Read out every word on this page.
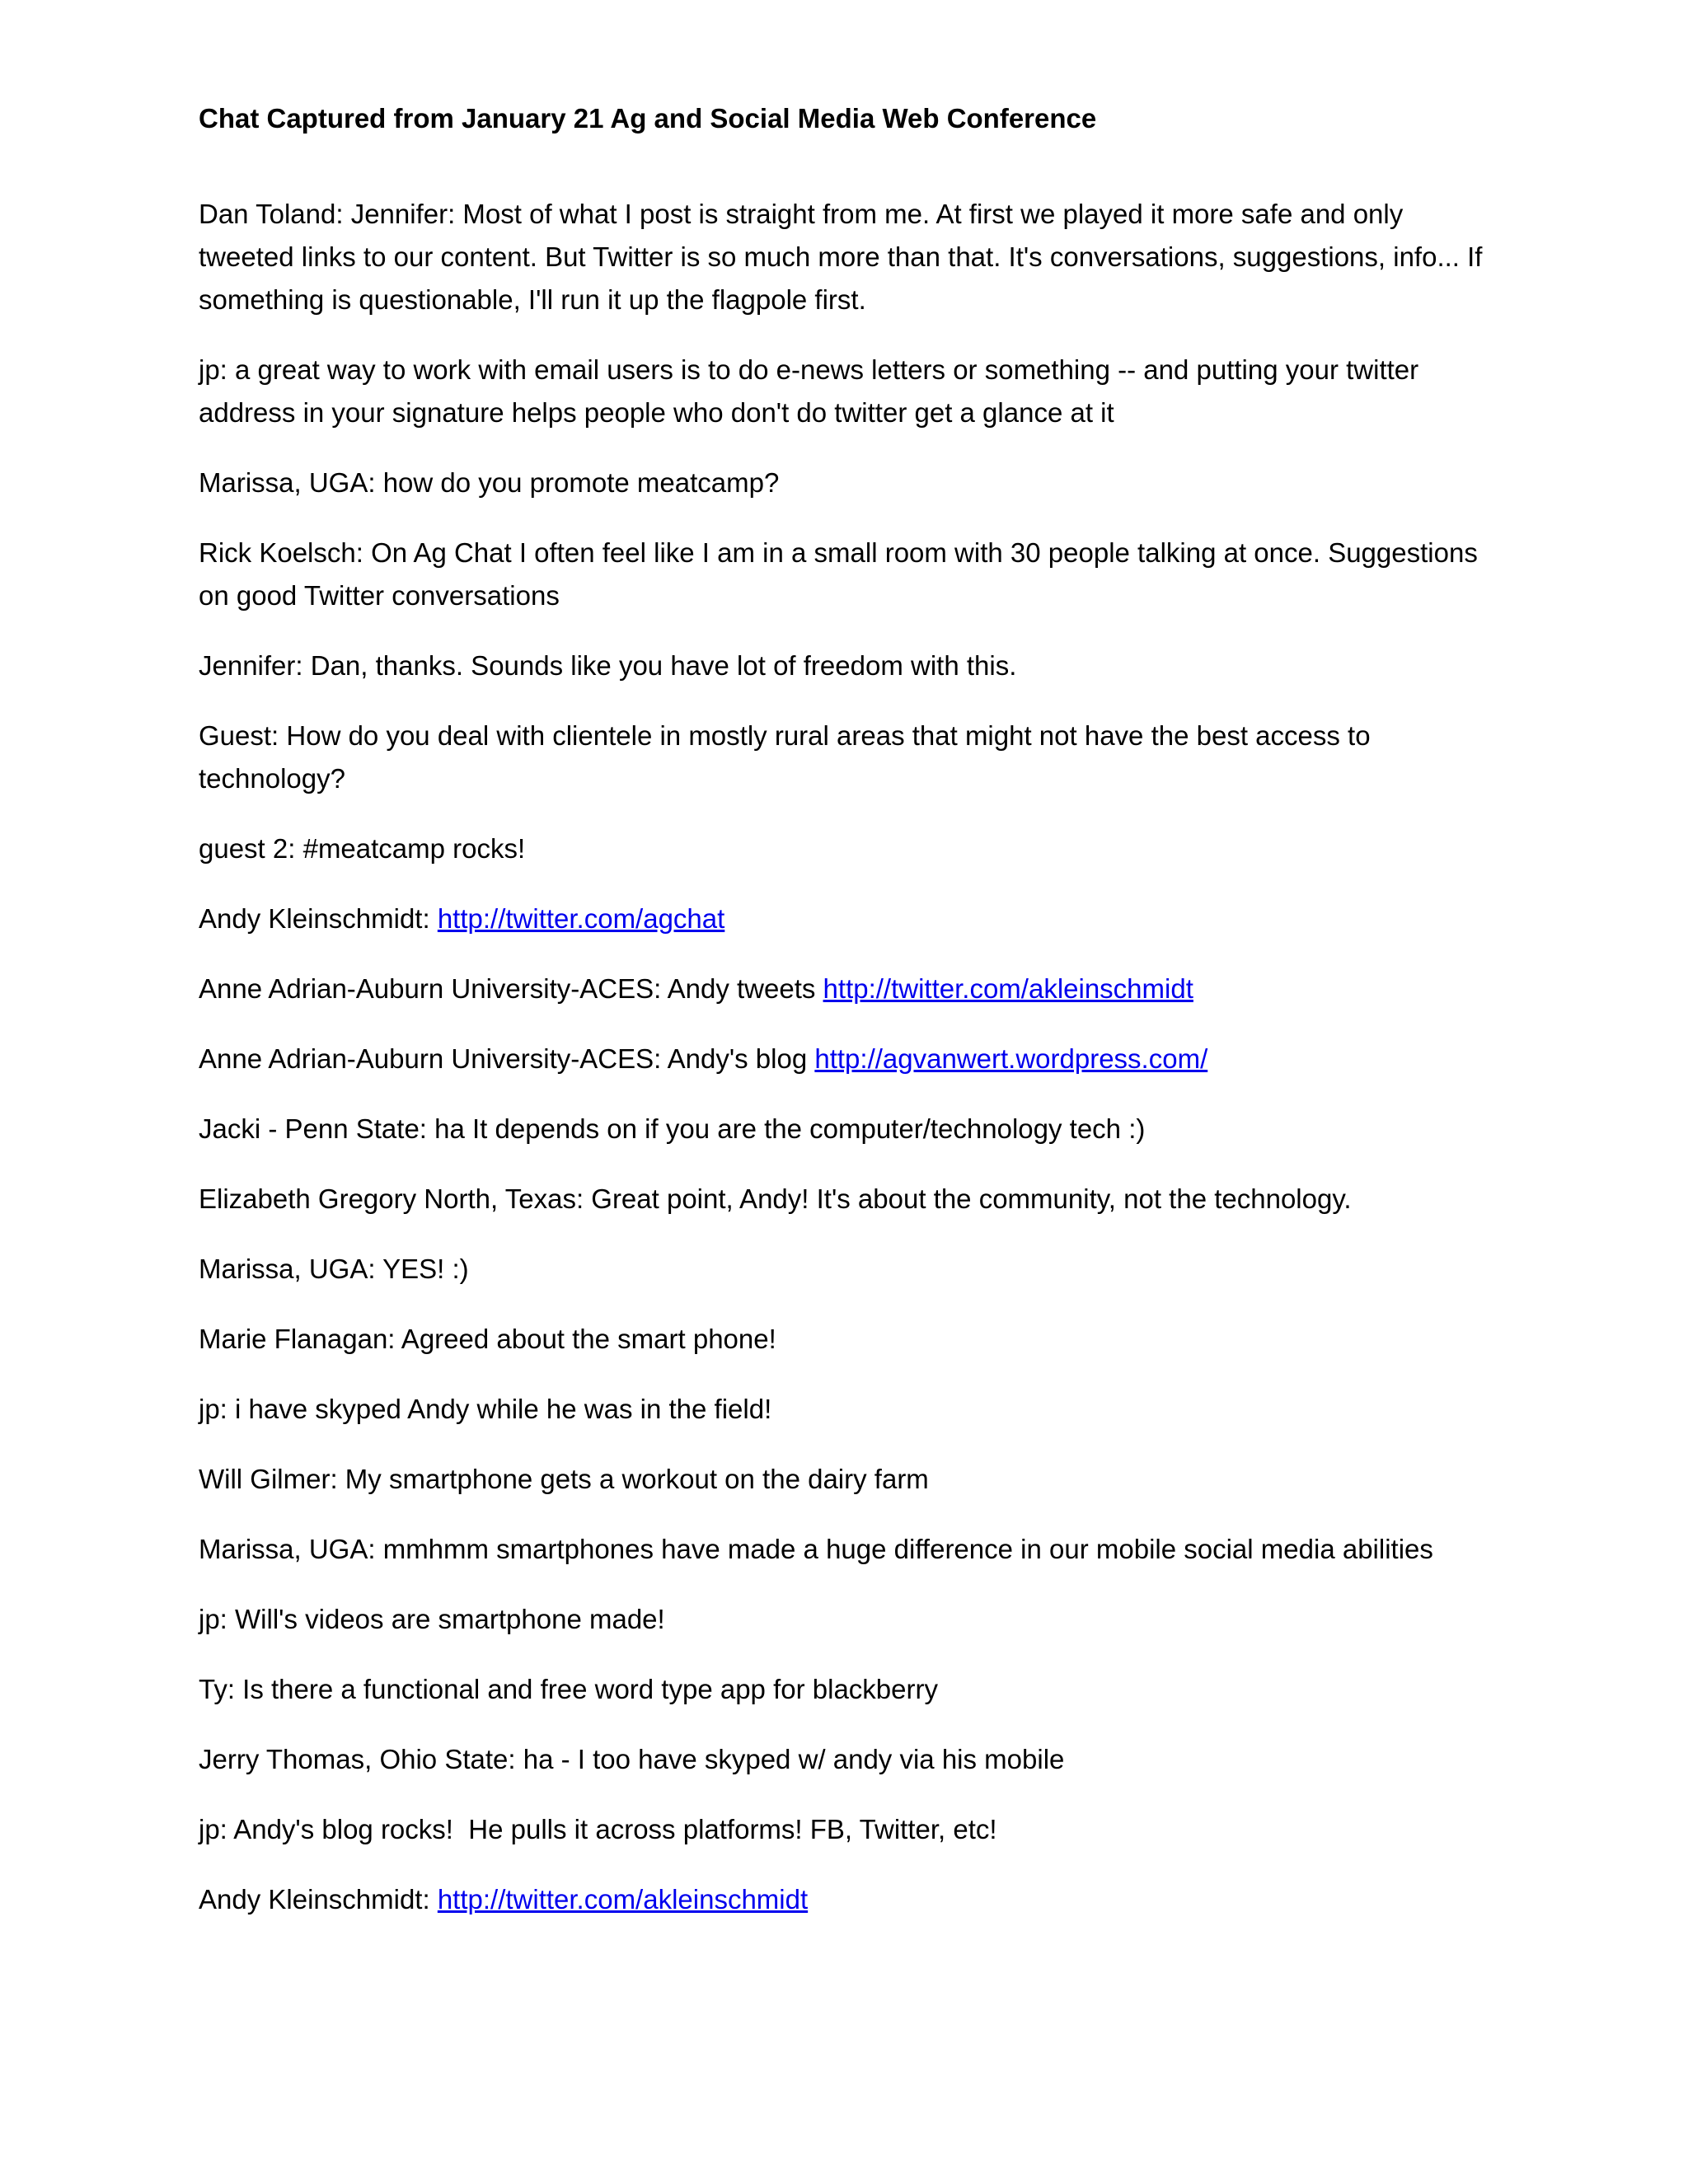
Chat Captured from January 21 Ag and Social Media Web Conference
Dan Toland: Jennifer: Most of what I post is straight from me. At first we played it more safe and only tweeted links to our content. But Twitter is so much more than that. It's conversations, suggestions, info... If something is questionable, I'll run it up the flagpole first.
jp: a great way to work with email users is to do e-news letters or something -- and putting your twitter address in your signature helps people who don't do twitter get a glance at it
Marissa, UGA: how do you promote meatcamp?
Rick Koelsch: On Ag Chat I often feel like I am in a small room with 30 people talking at once. Suggestions on good Twitter conversations
Jennifer: Dan, thanks. Sounds like you have lot of freedom with this.
Guest: How do you deal with clientele in mostly rural areas that might not have the best access to technology?
guest 2: #meatcamp rocks!
Andy Kleinschmidt: http://twitter.com/agchat
Anne Adrian-Auburn University-ACES: Andy tweets http://twitter.com/akleinschmidt
Anne Adrian-Auburn University-ACES: Andy's blog http://agvanwert.wordpress.com/
Jacki - Penn State: ha It depends on if you are the computer/technology tech :)
Elizabeth Gregory North, Texas: Great point, Andy! It's about the community, not the technology.
Marissa, UGA: YES! :)
Marie Flanagan: Agreed about the smart phone!
jp: i have skyped Andy while he was in the field!
Will Gilmer: My smartphone gets a workout on the dairy farm
Marissa, UGA: mmhmm smartphones have made a huge difference in our mobile social media abilities
jp: Will's videos are smartphone made!
Ty: Is there a functional and free word type app for blackberry
Jerry Thomas, Ohio State: ha - I too have skyped w/ andy via his mobile
jp: Andy's blog rocks!  He pulls it across platforms! FB, Twitter, etc!
Andy Kleinschmidt: http://twitter.com/akleinschmidt
